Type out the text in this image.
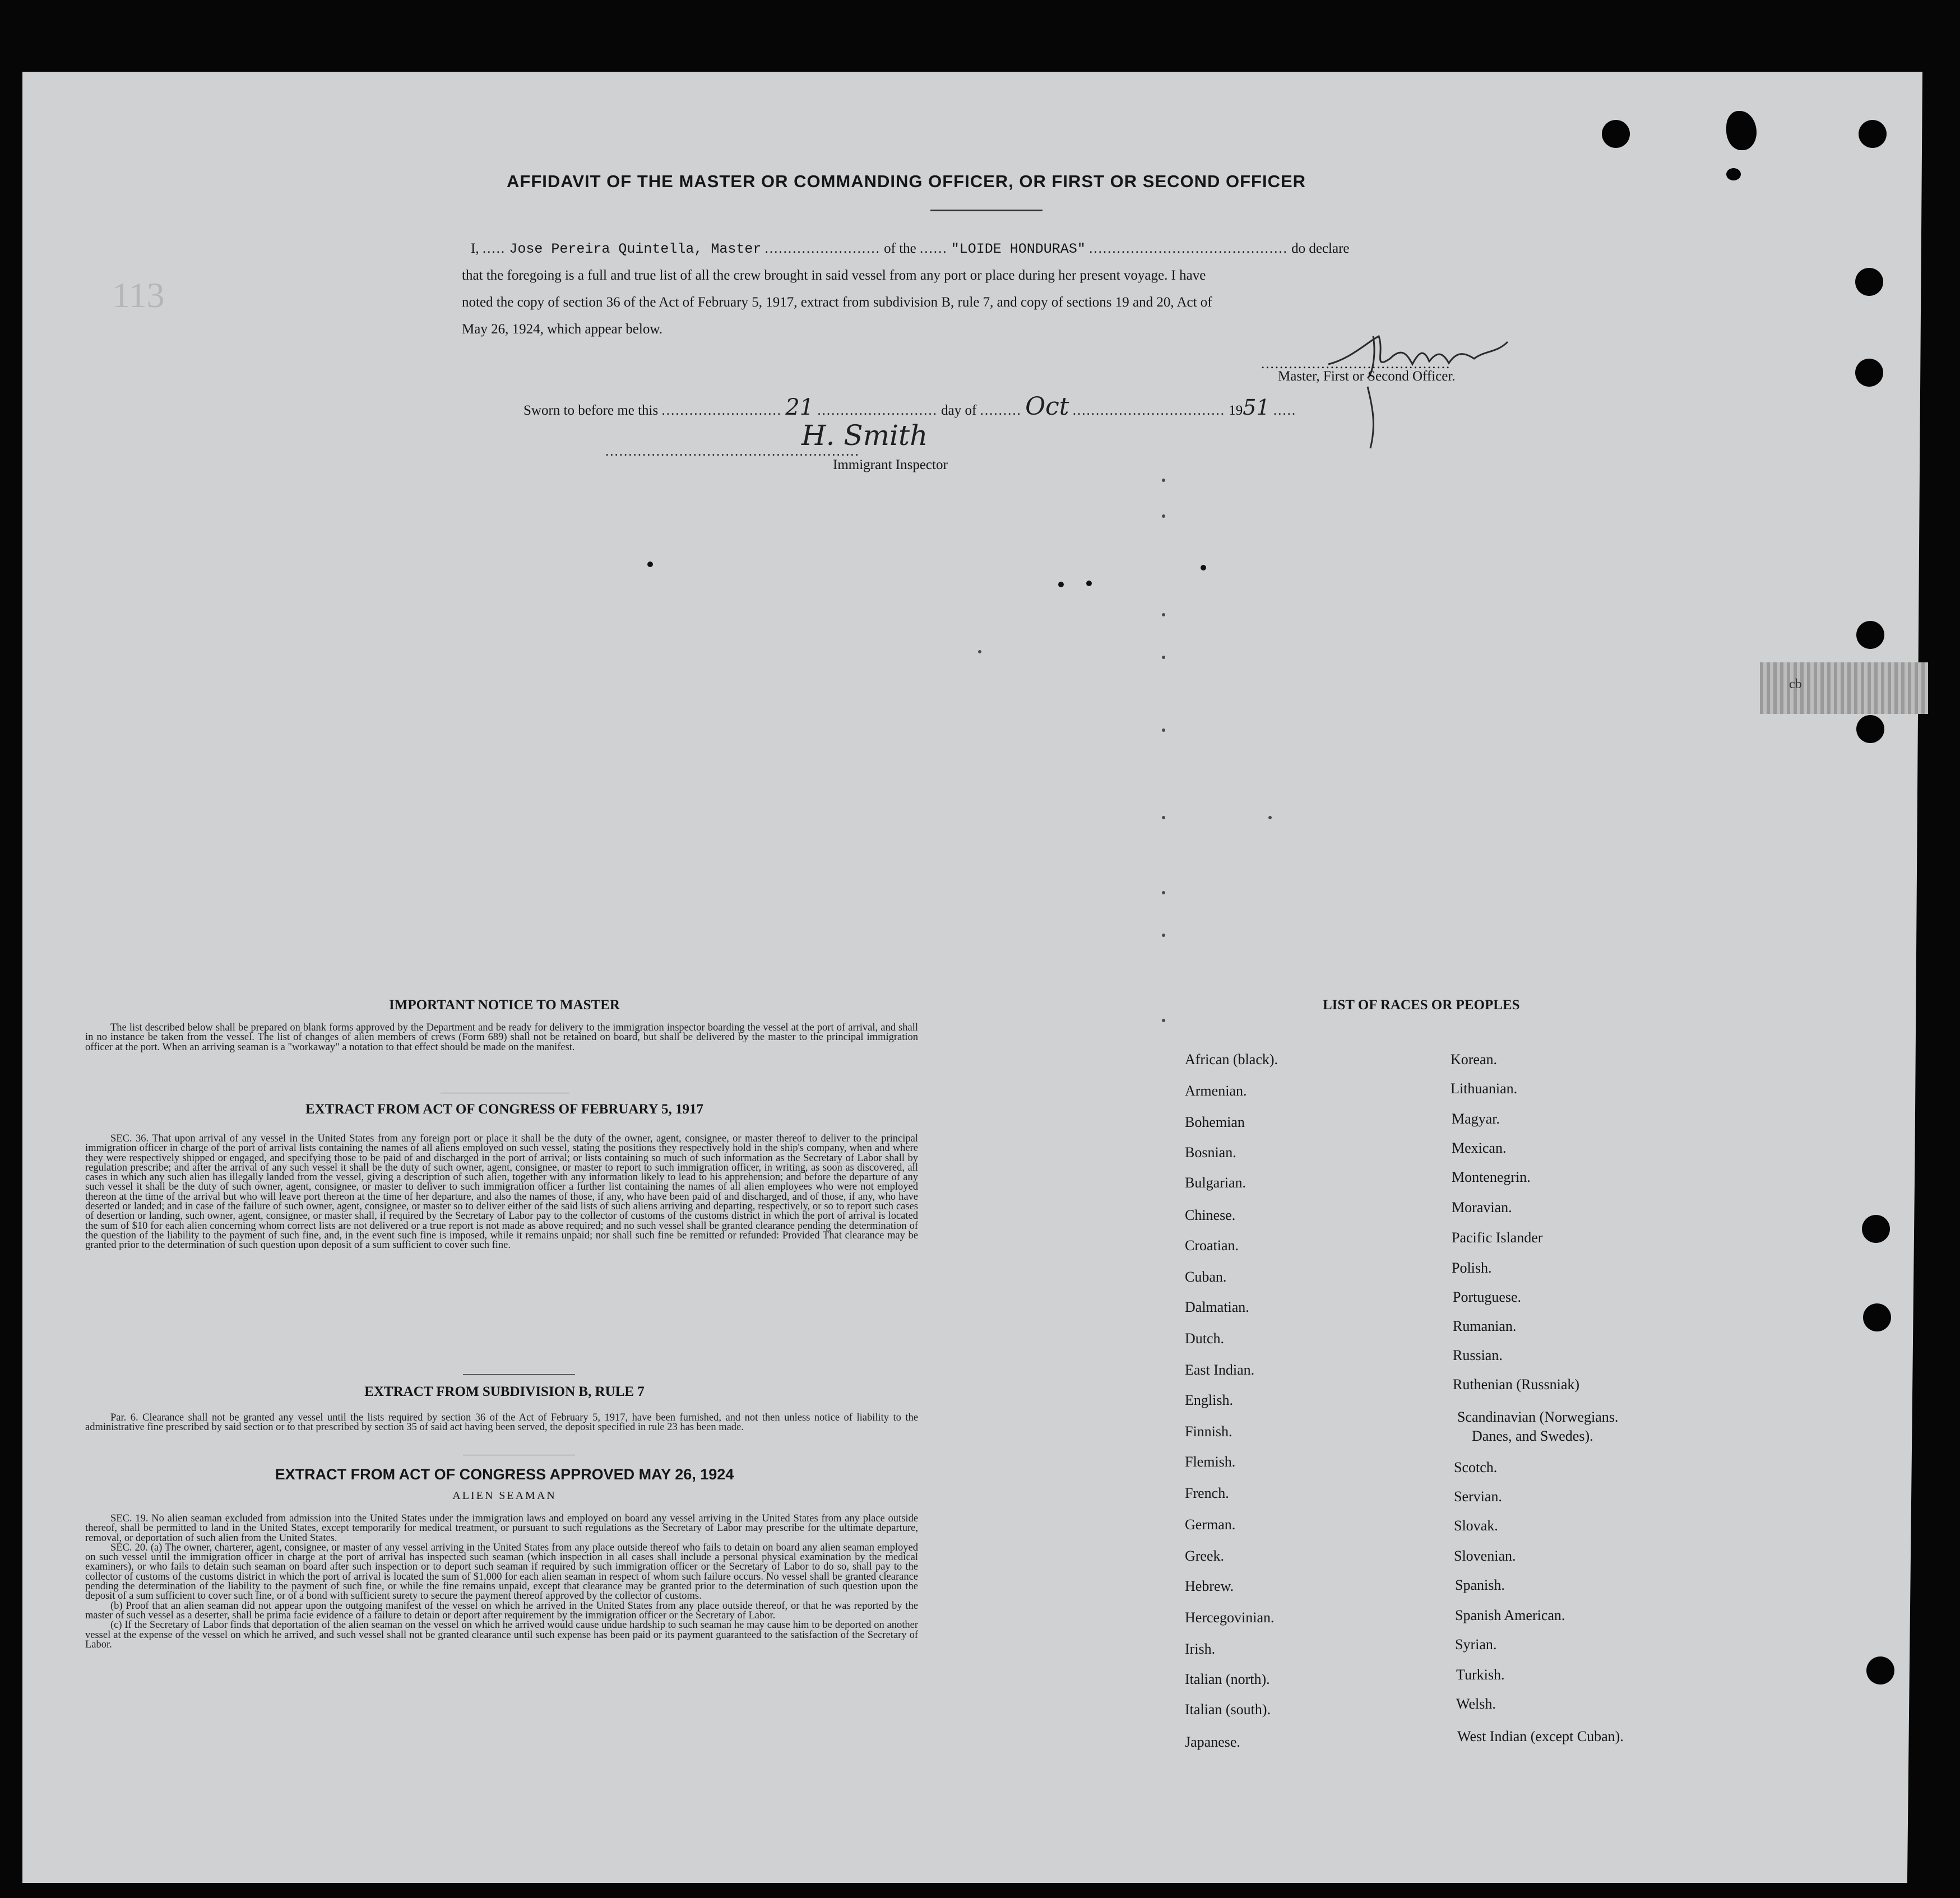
113
cb
AFFIDAVIT OF THE MASTER OR COMMANDING OFFICER, OR FIRST OR SECOND OFFICER
I, ..... Jose Pereira Quintella, Master ......................... of the ...... "LOIDE HONDURAS" ........................................... do declare
that the foregoing is a full and true list of all the crew brought in said vessel from any port or place during her present voyage. I have
noted the copy of section 36 of the Act of February 5, 1917, extract from subdivision B, rule 7, and copy of sections 19 and 20, Act of
May 26, 1924, which appear below.
.........................................
Master, First or Second Officer.
Sworn to before me this .......................... 21 .......................... day of ......... Oct ................................. 1951 .....
.......................................................
H. Smith
Immigrant Inspector
IMPORTANT NOTICE TO MASTER

The list described below shall be prepared on blank forms approved by the Department and be ready for delivery to the immigration inspector boarding the vessel at the port of arrival, and shall in no instance be taken from the vessel. The list of changes of alien members of crews (Form 689) shall not be retained on board, but shall be delivered by the master to the principal immigration officer at the port. When an arriving seaman is a "workaway" a notation to that effect should be made on the manifest.

EXTRACT FROM ACT OF CONGRESS OF FEBRUARY 5, 1917

SEC. 36. That upon arrival of any vessel in the United States from any foreign port or place it shall be the duty of the owner, agent, consignee, or master thereof to deliver to the principal immigration officer in charge of the port of arrival lists containing the names of all aliens employed on such vessel, stating the positions they respectively hold in the ship's company, when and where they were respectively shipped or engaged, and specifying those to be paid of and discharged in the port of arrival; or lists containing so much of such information as the Secretary of Labor shall by regulation prescribe; and after the arrival of any such vessel it shall be the duty of such owner, agent, consignee, or master to report to such immigration officer, in writing, as soon as discovered, all cases in which any such alien has illegally landed from the vessel, giving a description of such alien, together with any information likely to lead to his apprehension; and before the departure of any such vessel it shall be the duty of such owner, agent, consignee, or master to deliver to such immigration officer a further list containing the names of all alien employees who were not employed thereon at the time of the arrival but who will leave port thereon at the time of her departure, and also the names of those, if any, who have been paid of and discharged, and of those, if any, who have deserted or landed; and in case of the failure of such owner, agent, consignee, or master so to deliver either of the said lists of such aliens arriving and departing, respectively, or so to report such cases of desertion or landing, such owner, agent, consignee, or master shall, if required by the Secretary of Labor pay to the collector of customs of the customs district in which the port of arrival is located the sum of $10 for each alien concerning whom correct lists are not delivered or a true report is not made as above required; and no such vessel shall be granted clearance pending the determination of the question of the liability to the payment of such fine, and, in the event such fine is imposed, while it remains unpaid; nor shall such fine be remitted or refunded: Provided That clearance may be granted prior to the determination of such question upon deposit of a sum sufficient to cover such fine.

EXTRACT FROM SUBDIVISION B, RULE 7

Par. 6. Clearance shall not be granted any vessel until the lists required by section 36 of the Act of February 5, 1917, have been furnished, and not then unless notice of liability to the administrative fine prescribed by said section or to that prescribed by section 35 of said act having been served, the deposit specified in rule 23 has been made.

EXTRACT FROM ACT OF CONGRESS APPROVED MAY 26, 1924
ALIEN SEAMAN

SEC. 19. No alien seaman excluded from admission into the United States under the immigration laws and employed on board any vessel arriving in the United States from any place outside thereof, shall be permitted to land in the United States, except temporarily for medical treatment, or pursuant to such regulations as the Secretary of Labor may prescribe for the ultimate departure, removal, or deportation of such alien from the United States.

SEC. 20. (a) The owner, charterer, agent, consignee, or master of any vessel arriving in the United States from any place outside thereof who fails to detain on board any alien seaman employed on such vessel until the immigration officer in charge at the port of arrival has inspected such seaman (which inspection in all cases shall include a personal physical examination by the medical examiners), or who fails to detain such seaman on board after such inspection or to deport such seaman if required by such immigration officer or the Secretary of Labor to do so, shall pay to the collector of customs of the customs district in which the port of arrival is located the sum of $1,000 for each alien seaman in respect of whom such failure occurs. No vessel shall be granted clearance pending the determination of the liability to the payment of such fine, or while the fine remains unpaid, except that clearance may be granted prior to the determination of such question upon the deposit of a sum sufficient to cover such fine, or of a bond with sufficient surety to secure the payment thereof approved by the collector of customs.

(b) Proof that an alien seaman did not appear upon the outgoing manifest of the vessel on which he arrived in the United States from any place outside thereof, or that he was reported by the master of such vessel as a deserter, shall be prima facie evidence of a failure to detain or deport after requirement by the immigration officer or the Secretary of Labor.

(c) If the Secretary of Labor finds that deportation of the alien seaman on the vessel on which he arrived would cause undue hardship to such seaman he may cause him to be deported on another vessel at the expense of the vessel on which he arrived, and such vessel shall not be granted clearance until such expense has been paid or its payment guaranteed to the satisfaction of the Secretary of Labor.

LIST OF RACES OR PEOPLES
African (black).
Armenian.
Bohemian
Bosnian.
Bulgarian.
Chinese.
Croatian.
Cuban.
Dalmatian.
Dutch.
East Indian.
English.
Finnish.
Flemish.
French.
German.
Greek.
Hebrew.
Hercegovinian.
Irish.
Italian (north).
Italian (south).
Japanese.
Korean.
Lithuanian.
Magyar.
Mexican.
Montenegrin.
Moravian.
Pacific Islander
Polish.
Portuguese.
Rumanian.
Russian.
Ruthenian (Russniak)
Scandinavian (Norwegians.
Danes, and Swedes).
Scotch.
Servian.
Slovak.
Slovenian.
Spanish.
Spanish American.
Syrian.
Turkish.
Welsh.
West Indian (except Cuban).
